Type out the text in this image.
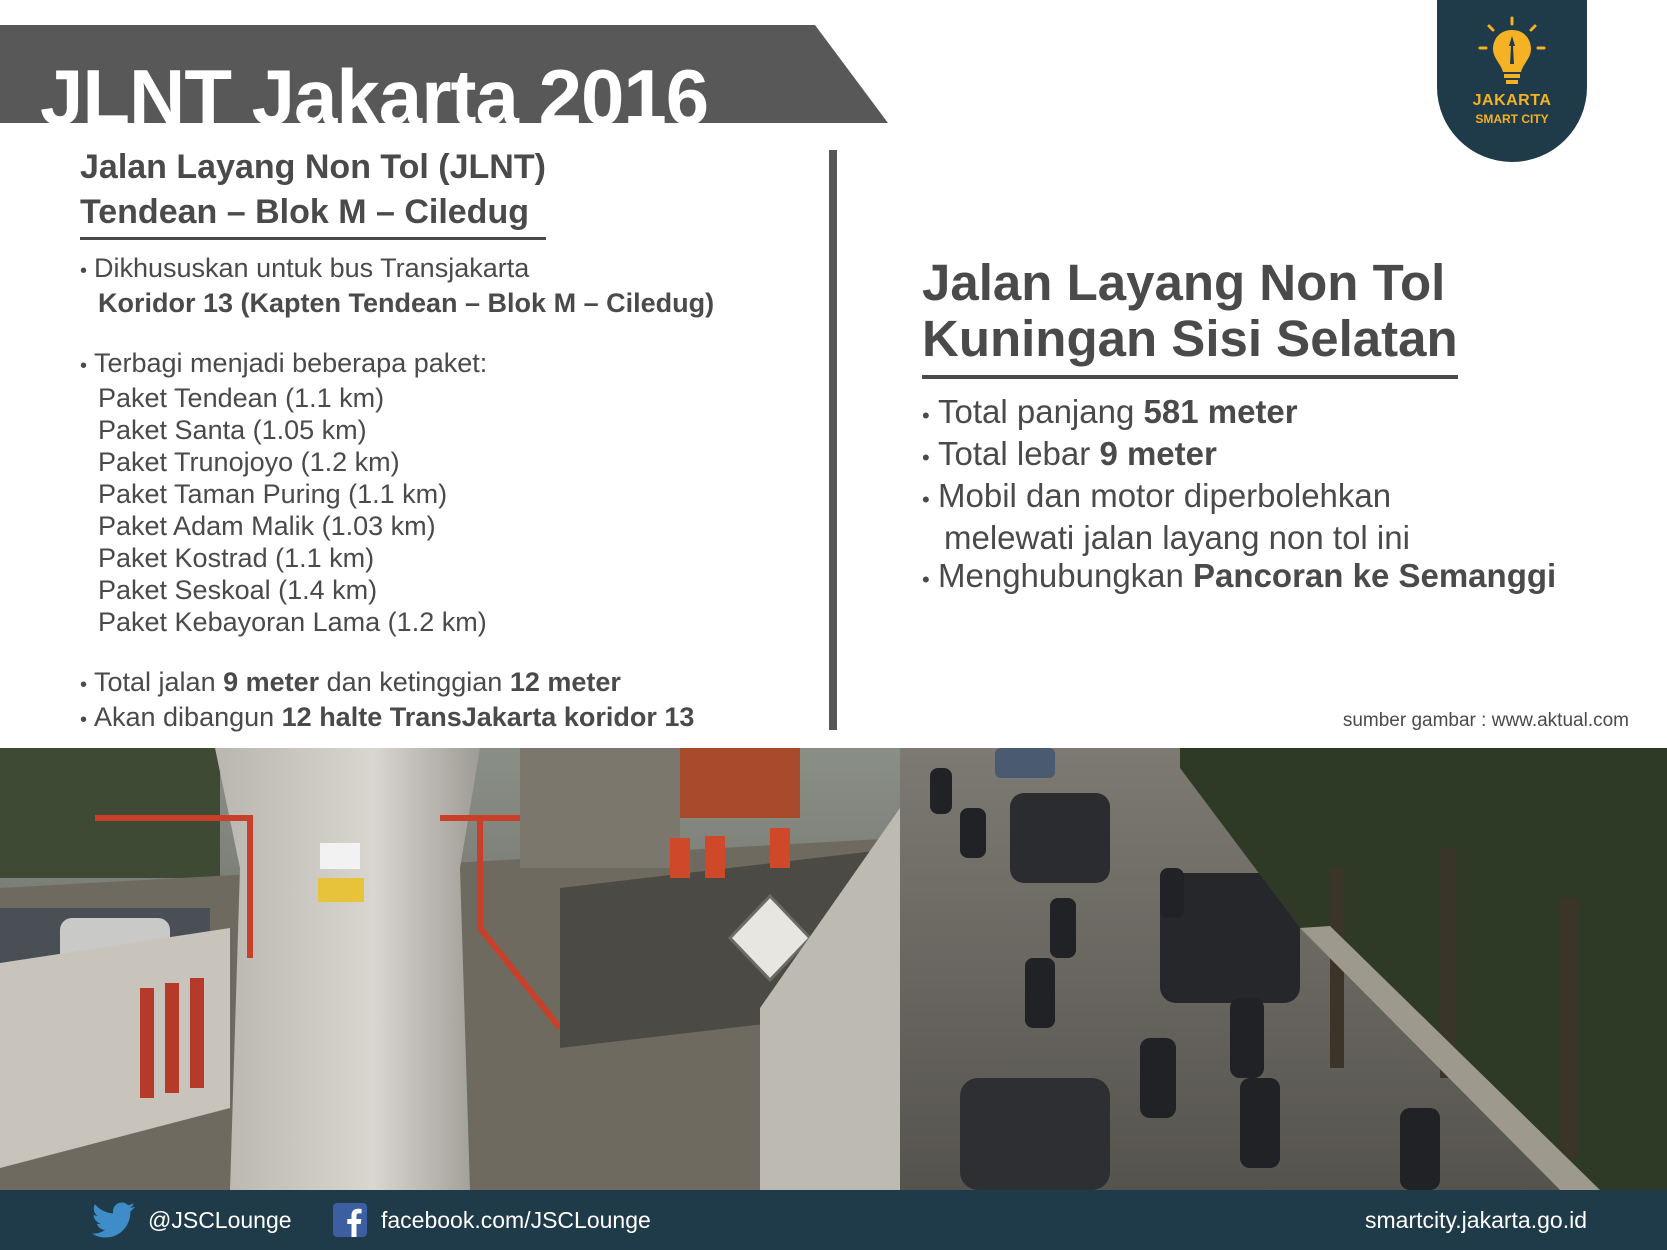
JLNT Jakarta 2016	JAKARTA
SMART CITY
Jalan Layang Non Tol (JLNT)
Tendean – Blok M – Ciledug
• Dikhususkan untuk bus Transjakarta
Koridor 13 (Kapten Tendean – Blok M – Ciledug)
• Terbagi menjadi beberapa paket:
Paket Tendean (1.1 km)
Paket Santa (1.05 km)
Paket Trunojoyo (1.2 km)
Paket Taman Puring (1.1 km)
Paket Adam Malik (1.03 km)
Paket Kostrad (1.1 km)
Paket Seskoal (1.4 km)
Paket Kebayoran Lama (1.2 km)
• Total jalan 9 meter dan ketinggian 12 meter
• Akan dibangun 12 halte TransJakarta koridor 13
Jalan Layang Non Tol
Kuningan Sisi Selatan
• Total panjang 581 meter
• Total lebar 9 meter
• Mobil dan motor diperbolehkan
melewati jalan layang non tol ini
• Menghubungkan Pancoran ke Semanggi
sumber gambar : www.aktual.com
@JSCLounge	facebook.com/JSCLounge	smartcity.jakarta.go.id
